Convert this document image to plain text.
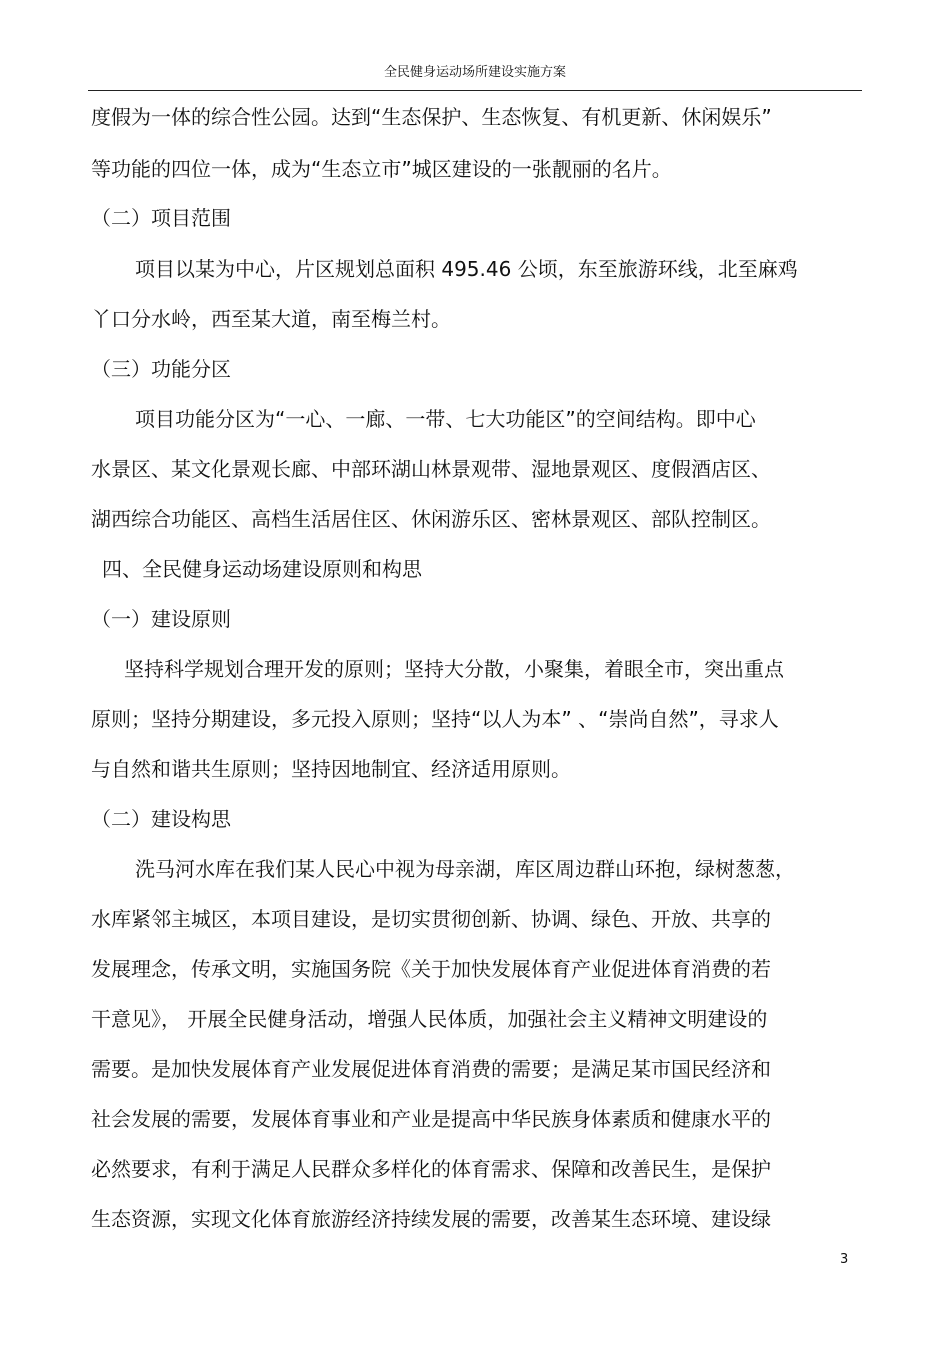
全民健身运动场所建设实施方案
度假为一体的综合性公园。达到“生态保护、生态恢复、有机更新、休闲娱乐”
等功能的四位一体，成为“生态立市”城区建设的一张靓丽的名片。
（二）项目范围
项目以某为中心，片区规划总面积 495.46 公顷，东至旅游环线，北至麻鸡
丫口分水岭，西至某大道，南至梅兰村。
（三）功能分区
项目功能分区为“一心、一廊、一带、七大功能区”的空间结构。即中心
水景区、某文化景观长廊、中部环湖山林景观带、湿地景观区、度假酒店区、
湖西综合功能区、高档生活居住区、休闲游乐区、密林景观区、部队控制区。
四、全民健身运动场建设原则和构思
（一）建设原则
坚持科学规划合理开发的原则；坚持大分散，小聚集，着眼全市，突出重点
原则；坚持分期建设，多元投入原则；坚持“以人为本” 、“崇尚自然”，寻求人
与自然和谐共生原则；坚持因地制宜、经济适用原则。
（二）建设构思
洗马河水库在我们某人民心中视为母亲湖，库区周边群山环抱，绿树葱葱，
水库紧邻主城区，本项目建设，是切实贯彻创新、协调、绿色、开放、共享的
发展理念，传承文明，实施国务院《关于加快发展体育产业促进体育消费的若
干意见》， 开展全民健身活动，增强人民体质，加强社会主义精神文明建设的
需要。是加快发展体育产业发展促进体育消费的需要；是满足某市国民经济和
社会发展的需要，发展体育事业和产业是提高中华民族身体素质和健康水平的
必然要求，有利于满足人民群众多样化的体育需求、保障和改善民生，是保护
生态资源，实现文化体育旅游经济持续发展的需要，改善某生态环境、建设绿
3
